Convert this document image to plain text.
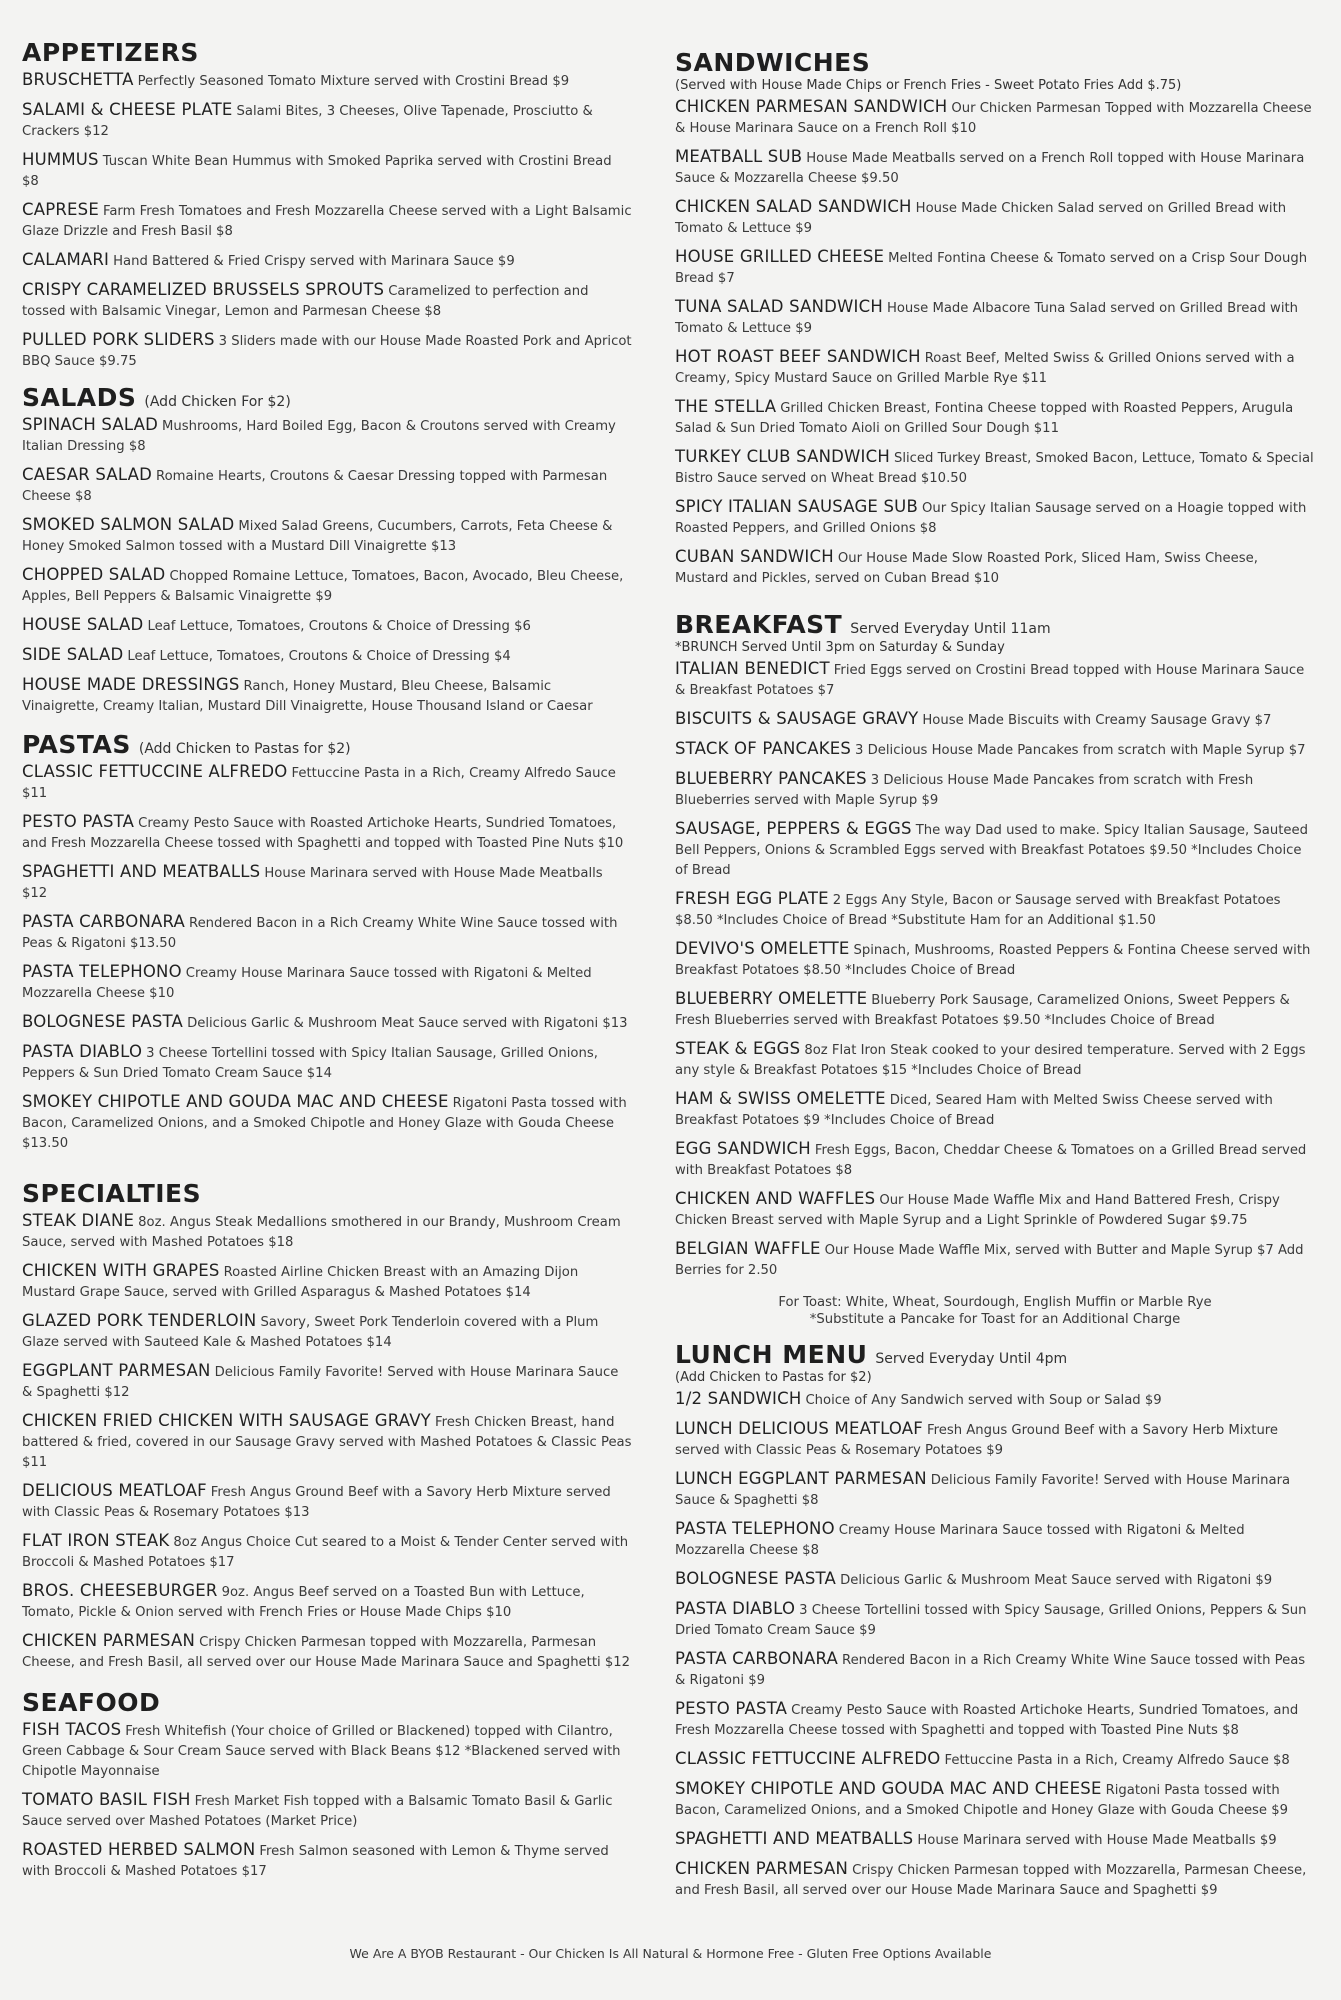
APPETIZERS
BRUSCHETTA Perfectly Seasoned Tomato Mixture served with Crostini Bread $9
SALAMI & CHEESE PLATE Salami Bites, 3 Cheeses, Olive Tapenade, Prosciutto & Crackers $12
HUMMUS Tuscan White Bean Hummus with Smoked Paprika served with Crostini Bread $8
CAPRESE Farm Fresh Tomatoes and Fresh Mozzarella Cheese served with a Light Balsamic Glaze Drizzle and Fresh Basil $8
CALAMARI Hand Battered & Fried Crispy served with Marinara Sauce $9
CRISPY CARAMELIZED BRUSSELS SPROUTS Caramelized to perfection and tossed with Balsamic Vinegar, Lemon and Parmesan Cheese $8
PULLED PORK SLIDERS 3 Sliders made with our House Made Roasted Pork and Apricot BBQ Sauce $9.75
SALADS (Add Chicken For $2)
SPINACH SALAD Mushrooms, Hard Boiled Egg, Bacon & Croutons served with Creamy Italian Dressing $8
CAESAR SALAD Romaine Hearts, Croutons & Caesar Dressing topped with Parmesan Cheese $8
SMOKED SALMON SALAD Mixed Salad Greens, Cucumbers, Carrots, Feta Cheese & Honey Smoked Salmon tossed with a Mustard Dill Vinaigrette $13
CHOPPED SALAD Chopped Romaine Lettuce, Tomatoes, Bacon, Avocado, Bleu Cheese, Apples, Bell Peppers & Balsamic Vinaigrette $9
HOUSE SALAD Leaf Lettuce, Tomatoes, Croutons & Choice of Dressing $6
SIDE SALAD Leaf Lettuce, Tomatoes, Croutons & Choice of Dressing $4
HOUSE MADE DRESSINGS Ranch, Honey Mustard, Bleu Cheese, Balsamic Vinaigrette, Creamy Italian, Mustard Dill Vinaigrette, House Thousand Island or Caesar
PASTAS (Add Chicken to Pastas for $2)
CLASSIC FETTUCCINE ALFREDO Fettuccine Pasta in a Rich, Creamy Alfredo Sauce $11
PESTO PASTA Creamy Pesto Sauce with Roasted Artichoke Hearts, Sundried Tomatoes, and Fresh Mozzarella Cheese tossed with Spaghetti and topped with Toasted Pine Nuts $10
SPAGHETTI AND MEATBALLS House Marinara served with House Made Meatballs $12
PASTA CARBONARA Rendered Bacon in a Rich Creamy White Wine Sauce tossed with Peas & Rigatoni $13.50
PASTA TELEPHONO Creamy House Marinara Sauce tossed with Rigatoni & Melted Mozzarella Cheese $10
BOLOGNESE PASTA Delicious Garlic & Mushroom Meat Sauce served with Rigatoni $13
PASTA DIABLO 3 Cheese Tortellini tossed with Spicy Italian Sausage, Grilled Onions, Peppers & Sun Dried Tomato Cream Sauce $14
SMOKEY CHIPOTLE AND GOUDA MAC AND CHEESE Rigatoni Pasta tossed with Bacon, Caramelized Onions, and a Smoked Chipotle and Honey Glaze with Gouda Cheese $13.50
SPECIALTIES
STEAK DIANE 8oz. Angus Steak Medallions smothered in our Brandy, Mushroom Cream Sauce, served with Mashed Potatoes $18
CHICKEN WITH GRAPES Roasted Airline Chicken Breast with an Amazing Dijon Mustard Grape Sauce, served with Grilled Asparagus & Mashed Potatoes $14
GLAZED PORK TENDERLOIN Savory, Sweet Pork Tenderloin covered with a Plum Glaze served with Sauteed Kale & Mashed Potatoes $14
EGGPLANT PARMESAN Delicious Family Favorite! Served with House Marinara Sauce & Spaghetti $12
CHICKEN FRIED CHICKEN WITH SAUSAGE GRAVY Fresh Chicken Breast, hand battered & fried, covered in our Sausage Gravy served with Mashed Potatoes & Classic Peas $11
DELICIOUS MEATLOAF Fresh Angus Ground Beef with a Savory Herb Mixture served with Classic Peas & Rosemary Potatoes $13
FLAT IRON STEAK 8oz Angus Choice Cut seared to a Moist & Tender Center served with Broccoli & Mashed Potatoes $17
BROS. CHEESEBURGER 9oz. Angus Beef served on a Toasted Bun with Lettuce, Tomato, Pickle & Onion served with French Fries or House Made Chips $10
CHICKEN PARMESAN Crispy Chicken Parmesan topped with Mozzarella, Parmesan Cheese, and Fresh Basil, all served over our House Made Marinara Sauce and Spaghetti $12
SEAFOOD
FISH TACOS Fresh Whitefish (Your choice of Grilled or Blackened) topped with Cilantro, Green Cabbage & Sour Cream Sauce served with Black Beans $12 *Blackened served with Chipotle Mayonnaise
TOMATO BASIL FISH Fresh Market Fish topped with a Balsamic Tomato Basil & Garlic Sauce served over Mashed Potatoes (Market Price)
ROASTED HERBED SALMON Fresh Salmon seasoned with Lemon & Thyme served with Broccoli & Mashed Potatoes $17
SANDWICHES
(Served with House Made Chips or French Fries - Sweet Potato Fries Add $.75)
CHICKEN PARMESAN SANDWICH Our Chicken Parmesan Topped with Mozzarella Cheese & House Marinara Sauce on a French Roll $10
MEATBALL SUB House Made Meatballs served on a French Roll topped with House Marinara Sauce & Mozzarella Cheese $9.50
CHICKEN SALAD SANDWICH House Made Chicken Salad served on Grilled Bread with Tomato & Lettuce $9
HOUSE GRILLED CHEESE Melted Fontina Cheese & Tomato served on a Crisp Sour Dough Bread $7
TUNA SALAD SANDWICH House Made Albacore Tuna Salad served on Grilled Bread with Tomato & Lettuce $9
HOT ROAST BEEF SANDWICH Roast Beef, Melted Swiss & Grilled Onions served with a Creamy, Spicy Mustard Sauce on Grilled Marble Rye $11
THE STELLA Grilled Chicken Breast, Fontina Cheese topped with Roasted Peppers, Arugula Salad & Sun Dried Tomato Aioli on Grilled Sour Dough $11
TURKEY CLUB SANDWICH Sliced Turkey Breast, Smoked Bacon, Lettuce, Tomato & Special Bistro Sauce served on Wheat Bread $10.50
SPICY ITALIAN SAUSAGE SUB Our Spicy Italian Sausage served on a Hoagie topped with Roasted Peppers, and Grilled Onions $8
CUBAN SANDWICH Our House Made Slow Roasted Pork, Sliced Ham, Swiss Cheese, Mustard and Pickles, served on Cuban Bread $10
BREAKFAST Served Everyday Until 11am
*BRUNCH Served Until 3pm on Saturday & Sunday
ITALIAN BENEDICT Fried Eggs served on Crostini Bread topped with House Marinara Sauce & Breakfast Potatoes $7
BISCUITS & SAUSAGE GRAVY House Made Biscuits with Creamy Sausage Gravy $7
STACK OF PANCAKES 3 Delicious House Made Pancakes from scratch with Maple Syrup $7
BLUEBERRY PANCAKES 3 Delicious House Made Pancakes from scratch with Fresh Blueberries served with Maple Syrup $9
SAUSAGE, PEPPERS & EGGS The way Dad used to make. Spicy Italian Sausage, Sauteed Bell Peppers, Onions & Scrambled Eggs served with Breakfast Potatoes $9.50 *Includes Choice of Bread
FRESH EGG PLATE 2 Eggs Any Style, Bacon or Sausage served with Breakfast Potatoes $8.50 *Includes Choice of Bread *Substitute Ham for an Additional $1.50
DEVIVO'S OMELETTE Spinach, Mushrooms, Roasted Peppers & Fontina Cheese served with Breakfast Potatoes $8.50 *Includes Choice of Bread
BLUEBERRY OMELETTE Blueberry Pork Sausage, Caramelized Onions, Sweet Peppers & Fresh Blueberries served with Breakfast Potatoes $9.50 *Includes Choice of Bread
STEAK & EGGS 8oz Flat Iron Steak cooked to your desired temperature. Served with 2 Eggs any style & Breakfast Potatoes $15 *Includes Choice of Bread
HAM & SWISS OMELETTE Diced, Seared Ham with Melted Swiss Cheese served with Breakfast Potatoes $9 *Includes Choice of Bread
EGG SANDWICH Fresh Eggs, Bacon, Cheddar Cheese & Tomatoes on a Grilled Bread served with Breakfast Potatoes $8
CHICKEN AND WAFFLES Our House Made Waffle Mix and Hand Battered Fresh, Crispy Chicken Breast served with Maple Syrup and a Light Sprinkle of Powdered Sugar $9.75
BELGIAN WAFFLE Our House Made Waffle Mix, served with Butter and Maple Syrup $7 Add Berries for 2.50
For Toast: White, Wheat, Sourdough, English Muffin or Marble Rye
*Substitute a Pancake for Toast for an Additional Charge
LUNCH MENU Served Everyday Until 4pm
(Add Chicken to Pastas for $2)
1/2 SANDWICH Choice of Any Sandwich served with Soup or Salad $9
LUNCH DELICIOUS MEATLOAF Fresh Angus Ground Beef with a Savory Herb Mixture served with Classic Peas & Rosemary Potatoes $9
LUNCH EGGPLANT PARMESAN Delicious Family Favorite! Served with House Marinara Sauce & Spaghetti $8
PASTA TELEPHONO Creamy House Marinara Sauce tossed with Rigatoni & Melted Mozzarella Cheese $8
BOLOGNESE PASTA Delicious Garlic & Mushroom Meat Sauce served with Rigatoni $9
PASTA DIABLO 3 Cheese Tortellini tossed with Spicy Sausage, Grilled Onions, Peppers & Sun Dried Tomato Cream Sauce $9
PASTA CARBONARA Rendered Bacon in a Rich Creamy White Wine Sauce tossed with Peas & Rigatoni $9
PESTO PASTA Creamy Pesto Sauce with Roasted Artichoke Hearts, Sundried Tomatoes, and Fresh Mozzarella Cheese tossed with Spaghetti and topped with Toasted Pine Nuts $8
CLASSIC FETTUCCINE ALFREDO Fettuccine Pasta in a Rich, Creamy Alfredo Sauce $8
SMOKEY CHIPOTLE AND GOUDA MAC AND CHEESE Rigatoni Pasta tossed with Bacon, Caramelized Onions, and a Smoked Chipotle and Honey Glaze with Gouda Cheese $9
SPAGHETTI AND MEATBALLS House Marinara served with House Made Meatballs $9
CHICKEN PARMESAN Crispy Chicken Parmesan topped with Mozzarella, Parmesan Cheese, and Fresh Basil, all served over our House Made Marinara Sauce and Spaghetti $9
We Are A BYOB Restaurant - Our Chicken Is All Natural & Hormone Free - Gluten Free Options Available
